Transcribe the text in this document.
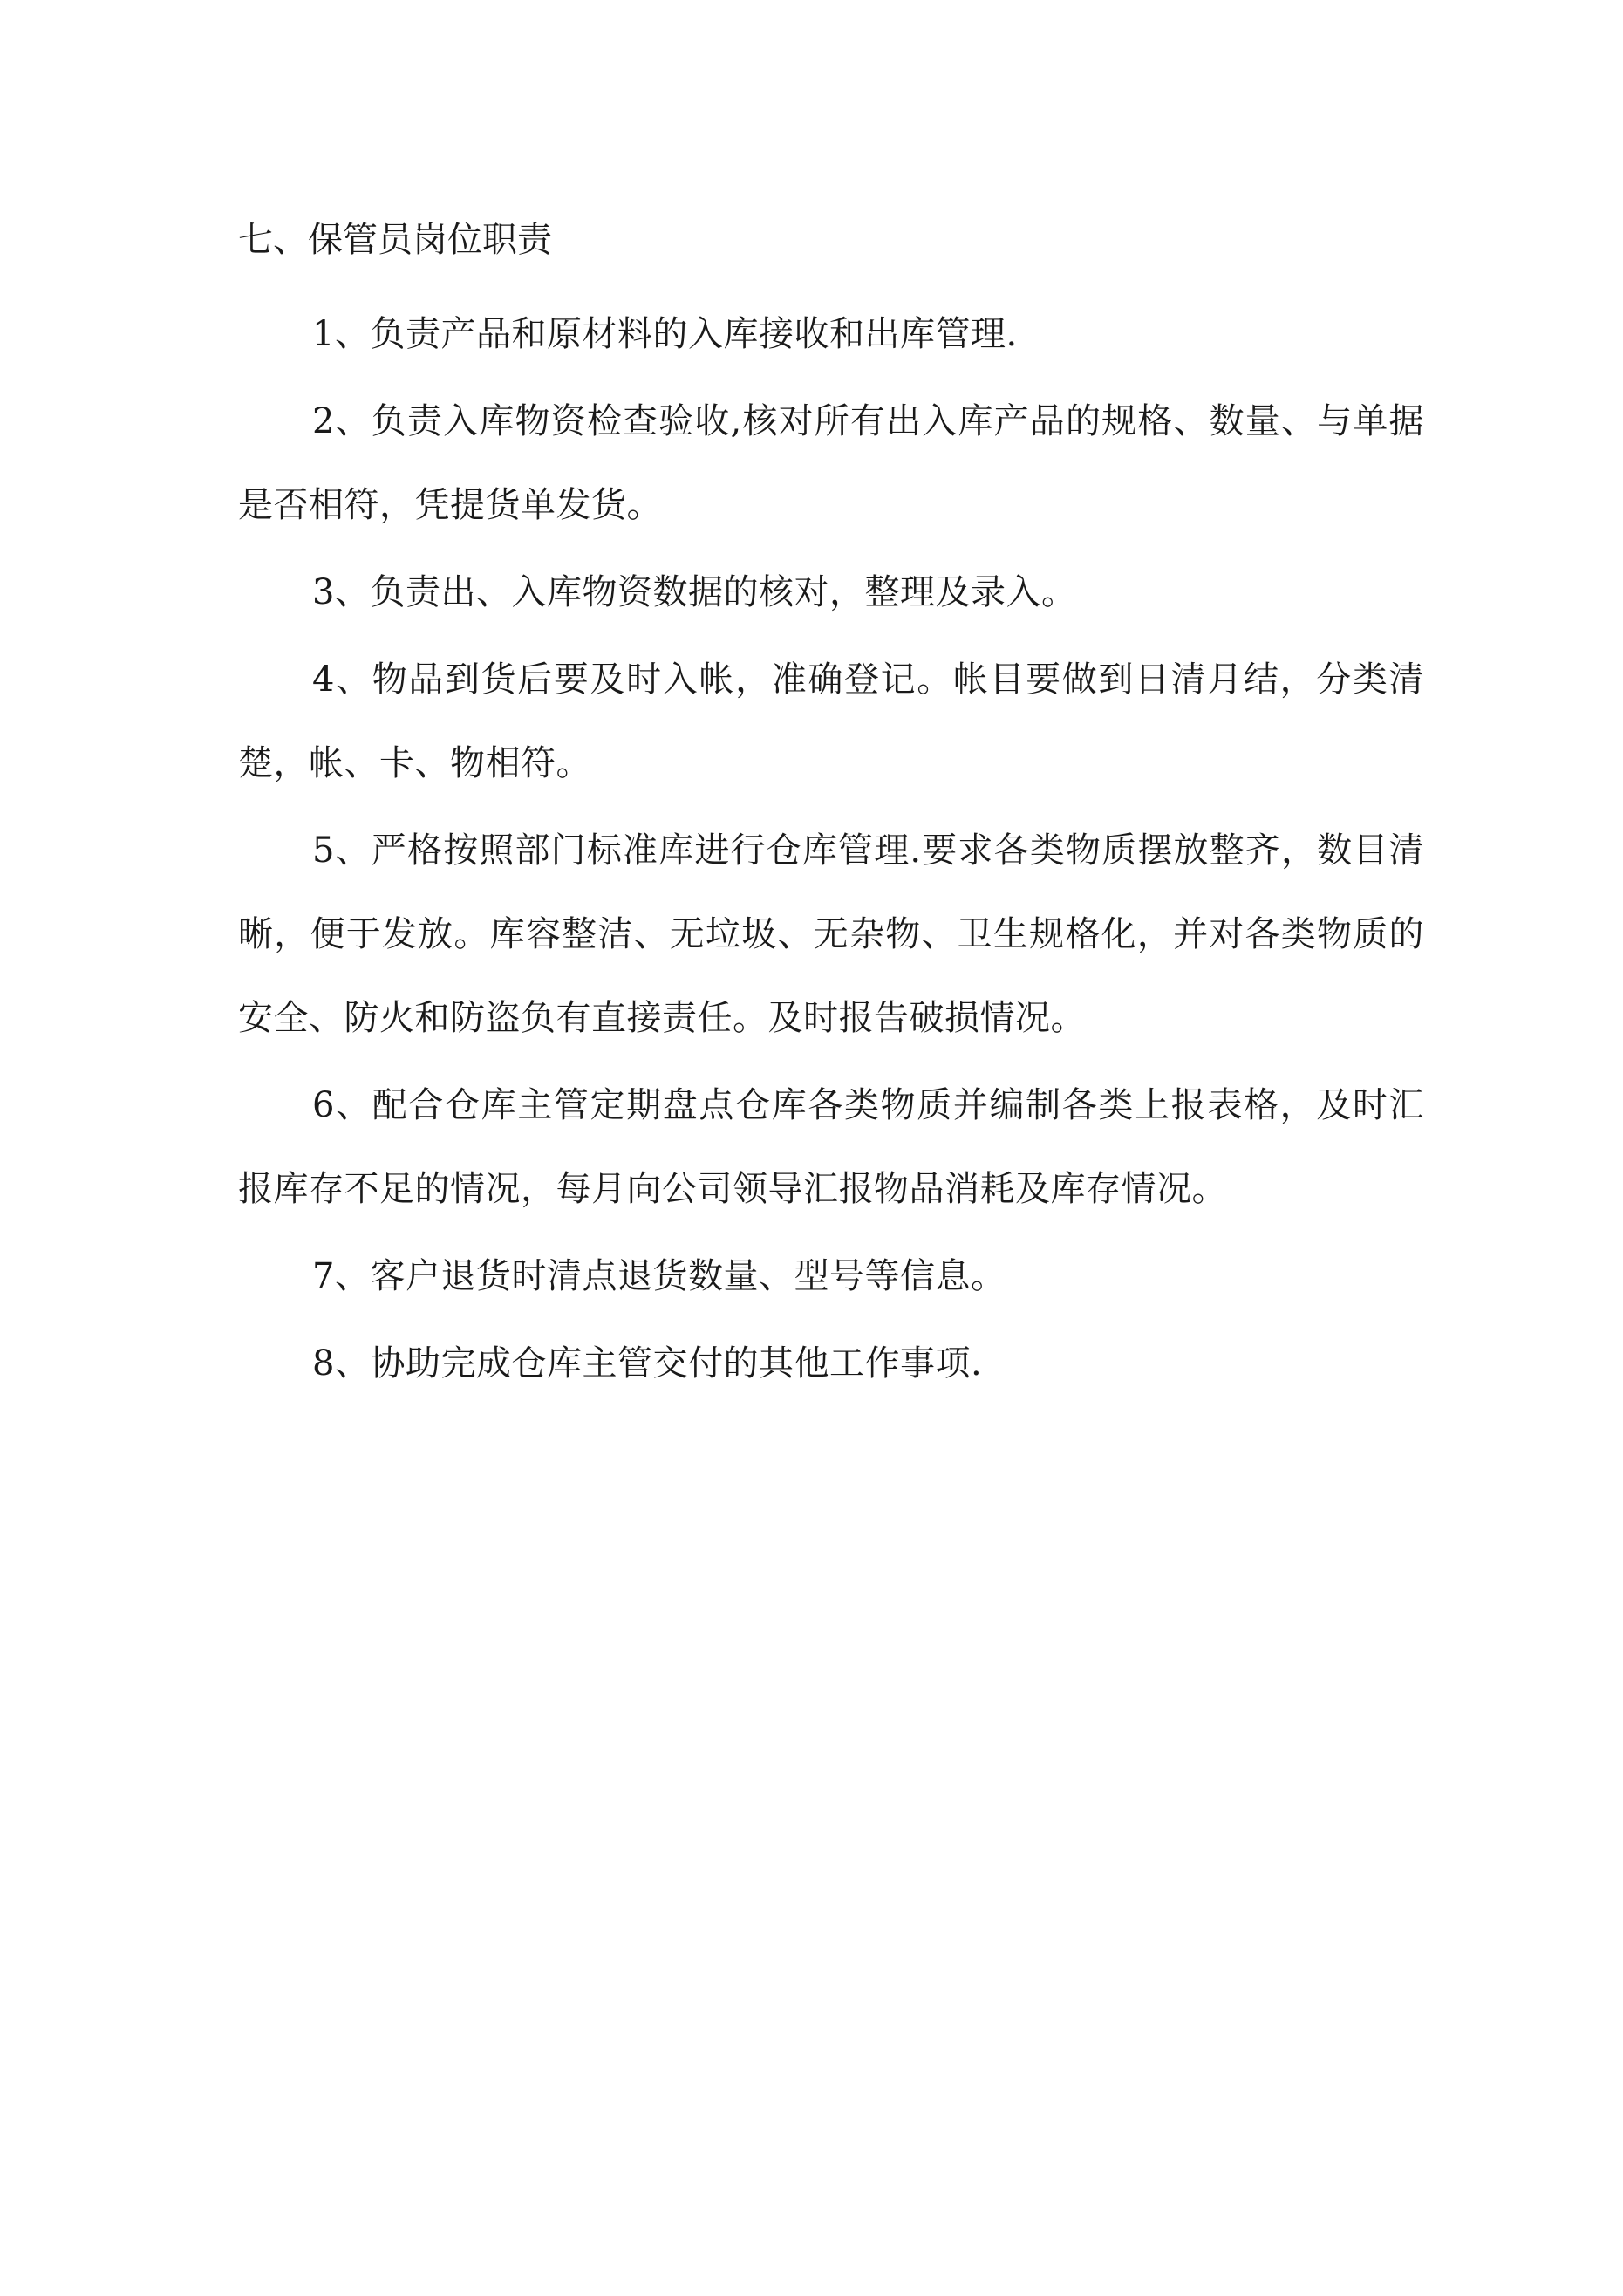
七、保管员岗位职责

1、负责产品和原材料的入库接收和出库管理.

2、负责入库物资检查验收,核对所有出入库产品的规格、数量、与单据是否相符，凭提货单发货。

3、负责出、入库物资数据的核对，整理及录入。

4、物品到货后要及时入帐，准确登记。帐目要做到日清月结，分类清楚，帐、卡、物相符。

5、严格按照部门标准库进行仓库管理.要求各类物质摆放整齐，数目清晰，便于发放。库容整洁、无垃圾、无杂物、卫生规格化，并对各类物质的安全、防火和防盗负有直接责任。及时报告破损情况。

6、配合仓库主管定期盘点仓库各类物质并编制各类上报表格，及时汇报库存不足的情况，每月向公司领导汇报物品消耗及库存情况。

7、客户退货时清点退货数量、型号等信息。

8、协助完成仓库主管交付的其他工作事项.
